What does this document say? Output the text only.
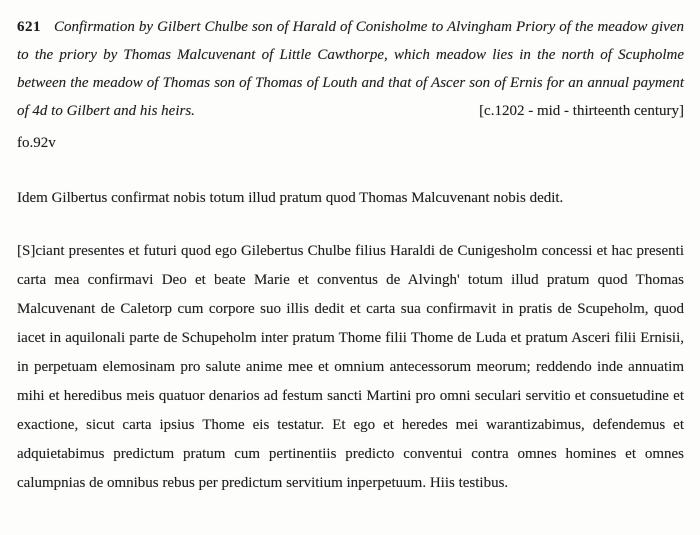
621 Confirmation by Gilbert Chulbe son of Harald of Conisholme to Alvingham Priory of the meadow given to the priory by Thomas Malcuvenant of Little Cawthorpe, which meadow lies in the north of Scupholme between the meadow of Thomas son of Thomas of Louth and that of Ascer son of Ernis for an annual payment of 4d to Gilbert and his heirs.	[c.1202 - mid - thirteenth century]

fo.92v

Idem Gilbertus confirmat nobis totum illud pratum quod Thomas Malcuvenant nobis dedit.

[S]ciant presentes et futuri quod ego Gilebertus Chulbe filius Haraldi de Cunigesholm concessi et hac presenti carta mea confirmavi Deo et beate Marie et conventus de Alvingh' totum illud pratum quod Thomas Malcuvenant de Caletorp cum corpore suo illis dedit et carta sua confirmavit in pratis de Scupeholm, quod iacet in aquilonali parte de Schupeholm inter pratum Thome filii Thome de Luda et pratum Asceri filii Ernisii, in perpetuam elemosinam pro salute anime mee et omnium antecessorum meorum; reddendo inde annuatim mihi et heredibus meis quatuor denarios ad festum sancti Martini pro omni seculari servitio et consuetudine et exactione, sicut carta ipsius Thome eis testatur. Et ego et heredes mei warantizabimus, defendemus et adquietabimus predictum pratum cum pertinentiis predicto conventui contra omnes homines et omnes calumpnias de omnibus rebus per predictum servitium inperpetuum. Hiis testibus.
